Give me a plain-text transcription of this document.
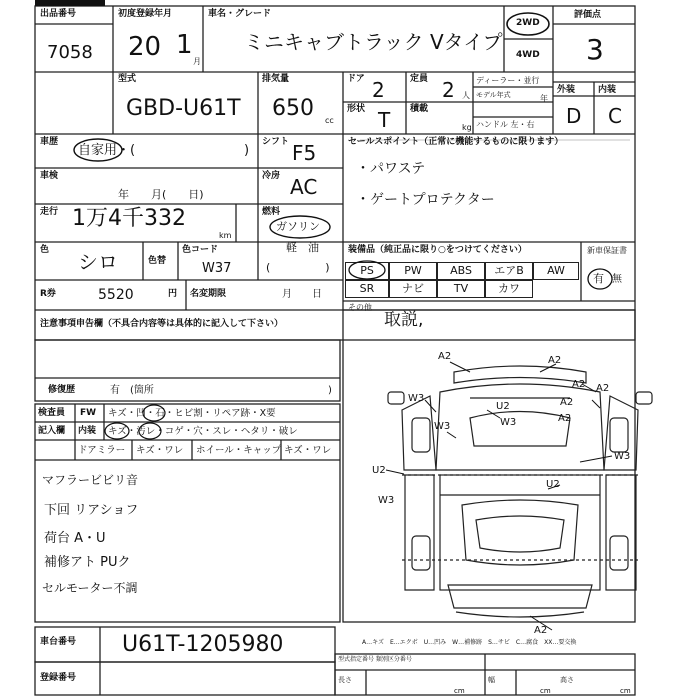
出品番号
7058
初度登録年月
20 1
月
車名・グレード
ミニキャブトラック Vタイプ
2WD
4WD
評価点
3
型式
GBD-U61T
排気量
650 cc
ドア 2	定員 2 人
ディーラー・並行
モデル年式	年
外装	内装
D C
形状 T 積載
kg ハンドル 左・右
車歴
自家用・(	)
シフト F5
車検
年　　月(　　日)
冷房 AC
走行 1万4千332
km
燃料
ガソリン
軽　油
(　　　　　)
色 シロ	色替
色コード
W37
R券	5520	円 名変期限	月　　日
セールスポイント（正常に機能するものに限ります）
・パワステ
・ゲートプロテクター
装備品（純正品に限り○をつけてください）	新車保証書
PS	PW	ABS	エアB	AW
SR	ナビ	TV	カワ
有 無
その他
取説,
注意事項申告欄（不具合内容等は具体的に記入して下さい）
修復歴	有　(箇所	)
検査員
記入欄
FW キズ・凹・石・ヒビ割・リペア跡・X要
内装 キズ・汚レ・コゲ・穴・スレ・ヘタリ・破レ
ドアミラー キズ・ワレ ホイール・キャップ キズ・ワレ
マフラービビリ音
下回 リアショフ
荷台 A・U
補修アト PUク
セルモーター不調
A2	A2
A2
W3
A2
W3
U2	A2
W3	A2
W3
U2
U2
A2
W3
A…キズ　E…エクボ　U…凹み　W…補修跡　S…サビ　C…腐食　XX…要交換
車台番号 U61T-1205980
登録番号
型式指定番号 類別区分番号
長さ
cm
幅
cm
高さ
cm
